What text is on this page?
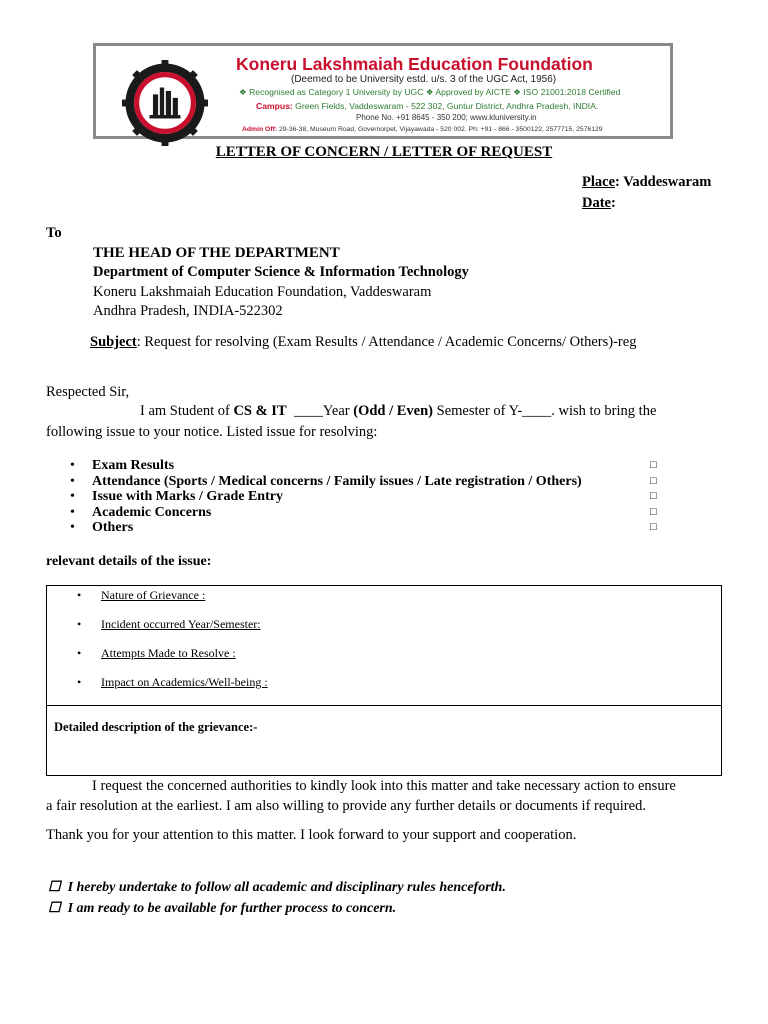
Koneru Lakshmaiah Education Foundation
(Deemed to be University estd. u/s. 3 of the UGC Act, 1956)
❖ Recognised as Category 1 University by UGC ❖ Approved by AICTE ❖ ISO 21001:2018 Certified
Campus: Green Fields, Vaddeswaram - 522 302, Guntur District, Andhra Pradesh, INDIA.
Phone No. +91 8645 - 350 200; www.kluniversity.in
Admin Off: 29-36-38, Museum Road, Governorpet, Vijayawada - 520 002. Ph: +91 - 866 - 3500122, 2577715, 2576129
LETTER OF CONCERN / LETTER OF REQUEST
Place: Vaddeswaram
Date:
To
THE HEAD OF THE DEPARTMENT
Department of Computer Science & Information Technology
Koneru Lakshmaiah Education Foundation, Vaddeswaram
Andhra Pradesh, INDIA-522302
Subject: Request for resolving (Exam Results / Attendance / Academic Concerns/ Others)-reg
Respected Sir,
I am Student of CS & IT  ____Year (Odd / Even) Semester of Y-____. wish to bring the
following issue to your notice. Listed issue for resolving:
• Exam Results	□
• Attendance (Sports / Medical concerns / Family issues / Late registration / Others)	□
• Issue with Marks / Grade Entry	□
• Academic Concerns	□
• Others	□
relevant details of the issue:
• Nature of Grievance :
• Incident occurred Year/Semester:
• Attempts Made to Resolve :
• Impact on Academics/Well-being :
Detailed description of the grievance:-
I request the concerned authorities to kindly look into this matter and take necessary action to ensure
a fair resolution at the earliest. I am also willing to provide any further details or documents if required.
Thank you for your attention to this matter. I look forward to your support and cooperation.
☐ I hereby undertake to follow all academic and disciplinary rules henceforth.
☐ I am ready to be available for further process to concern.
